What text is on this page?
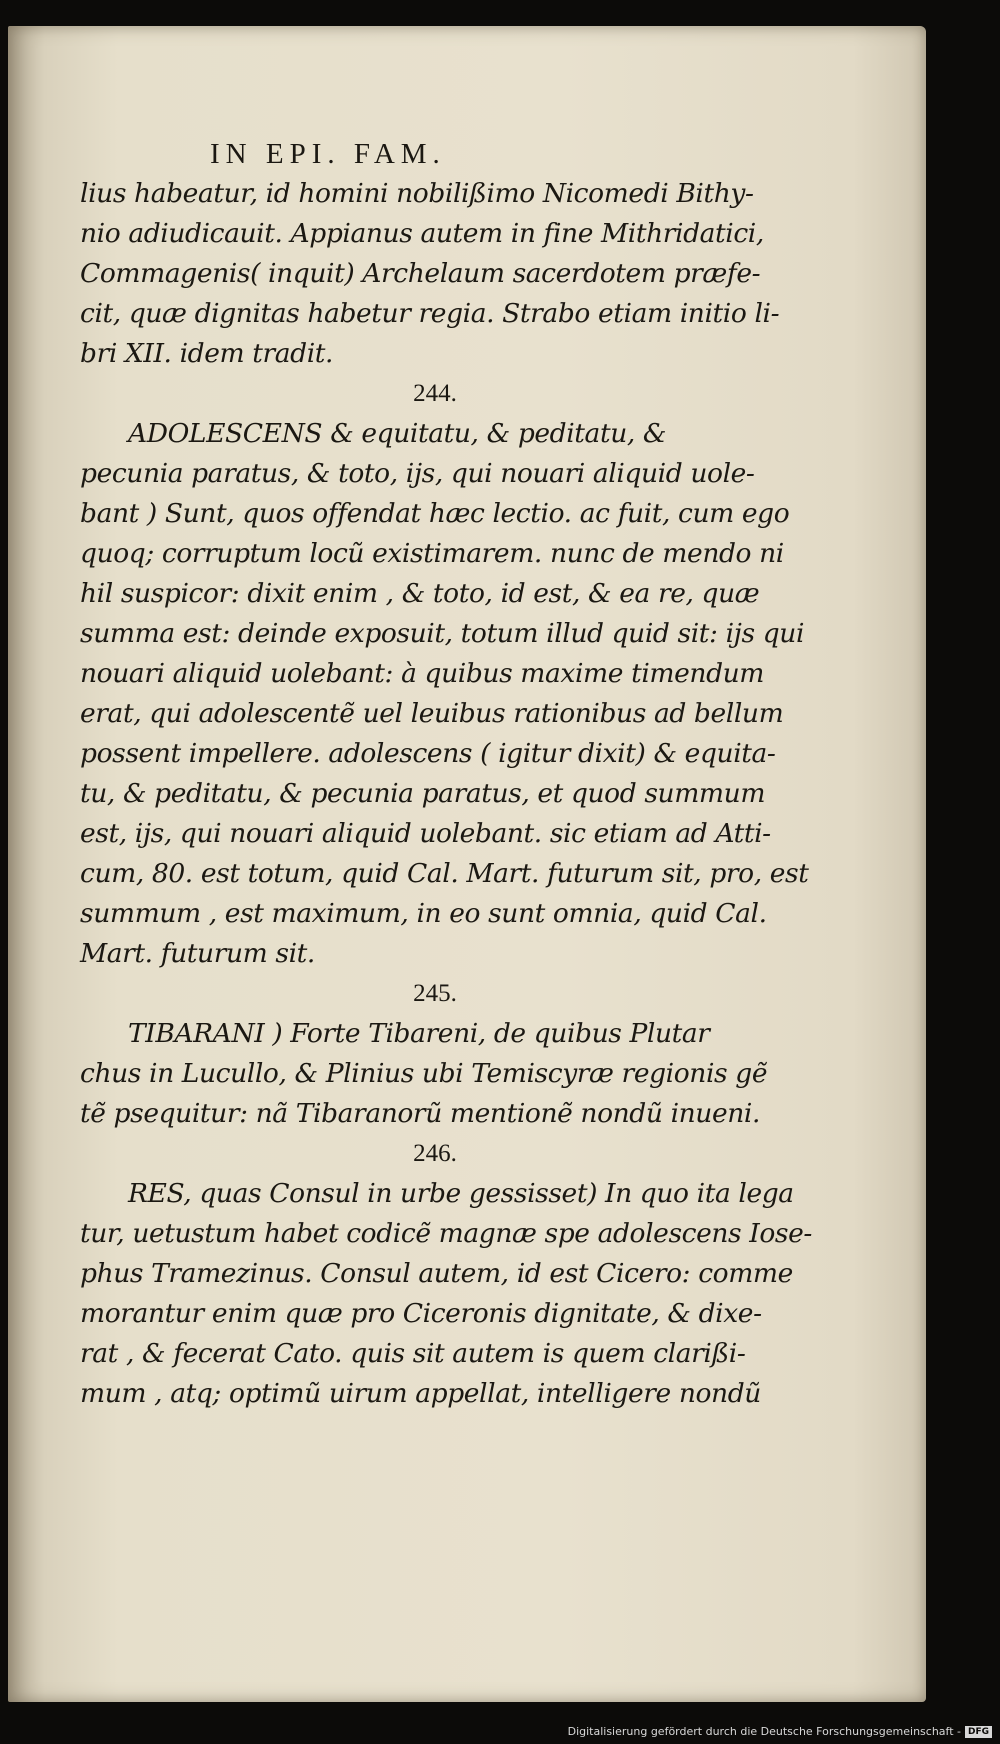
IN EPI. FAM.
lius habeatur, id homini nobilißimo Nicomedi Bithy-
nio adiudicauit. Appianus autem in fine Mithridatici,
Commagenis( inquit) Archelaum sacerdotem præfe-
cit, quæ dignitas habetur regia. Strabo etiam initio li-
bri XII. idem tradit.
244.
ADOLESCENS & equitatu, & peditatu, &
pecunia paratus, & toto, ijs, qui nouari aliquid uole-
bant ) Sunt, quos offendat hæc lectio. ac fuit, cum ego
quoq; corruptum locũ existimarem. nunc de mendo ni
hil suspicor: dixit enim , & toto, id est, & ea re, quæ
summa est: deinde exposuit, totum illud quid sit: ijs qui
nouari aliquid uolebant: à quibus maxime timendum
erat, qui adolescentẽ uel leuibus rationibus ad bellum
possent impellere. adolescens ( igitur dixit) & equita-
tu, & peditatu, & pecunia paratus, et quod summum
est, ijs, qui nouari aliquid uolebant. sic etiam ad Atti-
cum, 80. est totum, quid Cal. Mart. futurum sit, pro, est
summum , est maximum, in eo sunt omnia, quid Cal.
Mart. futurum sit.
245.
TIBARANI ) Forte Tibareni, de quibus Plutar
chus in Lucullo, & Plinius ubi Temiscyræ regionis gẽ
tẽ psequitur: nã Tibaranorũ mentionẽ nondũ inueni.
246.
RES, quas Consul in urbe gessisset) In quo ita lega
tur, uetustum habet codicẽ magnæ spe adolescens Iose-
phus Tramezinus. Consul autem, id est Cicero: comme
morantur enim quæ pro Ciceronis dignitate, & dixe-
rat , & fecerat Cato. quis sit autem is quem clarißi-
mum , atq; optimũ uirum appellat, intelligere nondũ
Digitalisierung gefördert durch die Deutsche Forschungsgemeinschaft - DFG
